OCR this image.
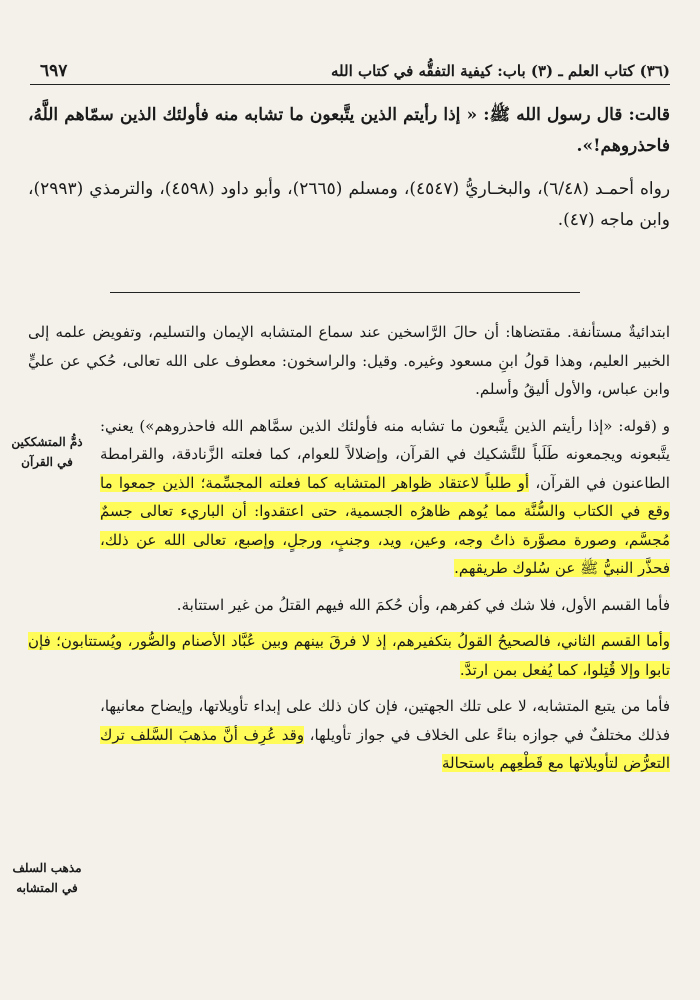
(٣٦) كتاب العلم ـ (٣) باب: كيفية التفقُّه في كتاب الله
٦٩٧

قالت: قال رسول الله ﷺ: « إذا رأيتم الذين يتَّبعون ما تشابه منه فأولئك الذين سمّاهم اللَّهُ، فاحذروهم!».

رواه أحمـد (٦/٤٨)، والبخـاريُّ (٤٥٤٧)، ومسلم (٢٦٦٥)، وأبو داود (٤٥٩٨)، والترمذي (٢٩٩٣)، وابن ماجه (٤٧).

ابتدائيةٌ مستأنفة. مقتضاها: أن حالَ الرَّاسخين عند سماع المتشابه الإيمان والتسليم، وتفويض علمه إلى الخبير العليم، وهذا قولُ ابنِ مسعود وغيره. وقيل: والراسخون: معطوف على الله تعالى، حُكي عن عليٍّ وابن عباس، والأول أليقُ وأسلم.

و (قوله: «إذا رأيتم الذين يتَّبعون ما تشابه منه فأولئك الذين سمَّاهم الله فاحذروهم») يعني: يتَّبعونه ويجمعونه طَلَباً للتَّشكيك في القرآن، وإضلالاً للعوام، كما فعلته الزَّنادقة، والقرامطة الطاعنون في القرآن، أو طلباً لاعتقاد ظواهر المتشابه كما فعلته المجسِّمة؛ الذين جمعوا ما وقع في الكتاب والسُّنَّة مما يُوهم ظاهرُه الجسمية، حتى اعتقدوا: أن الباريء تعالى جسمٌ مُجسَّم، وصورة مصوَّرة ذاتُ وجه، وعين، ويد، وجنبٍ، ورجلٍ، وإصبع، تعالى الله عن ذلك، فحذَّر النبيُّ ﷺ عن سُلوك طريقهم.

فأما القسم الأول، فلا شك في كفرهم، وأن حُكمَ الله فيهم القتلُ من غير استتابة.

وأما القسم الثاني، فالصحيحُ القولُ بتكفيرهم، إذ لا فرقَ بينهم وبين عُبَّاد الأصنام والصُّور، ويُستتابون؛ فإن تابوا وإلا قُتِلوا، كما يُفعل بمن ارتدَّ.

فأما من يتبع المتشابه، لا على تلك الجهتين، فإن كان ذلك على إبداء تأويلاتها، وإيضاح معانيها، فذلك مختلفٌ في جوازه بناءً على الخلاف في جواز تأويلها، وقد عُرِف أنَّ مذهبَ السَّلف ترك التعرُّض لتأويلاتها مع قَطْعِهم باستحالة

ذمُّ المتشككين في القرآن
مذهب السلف في المتشابه
